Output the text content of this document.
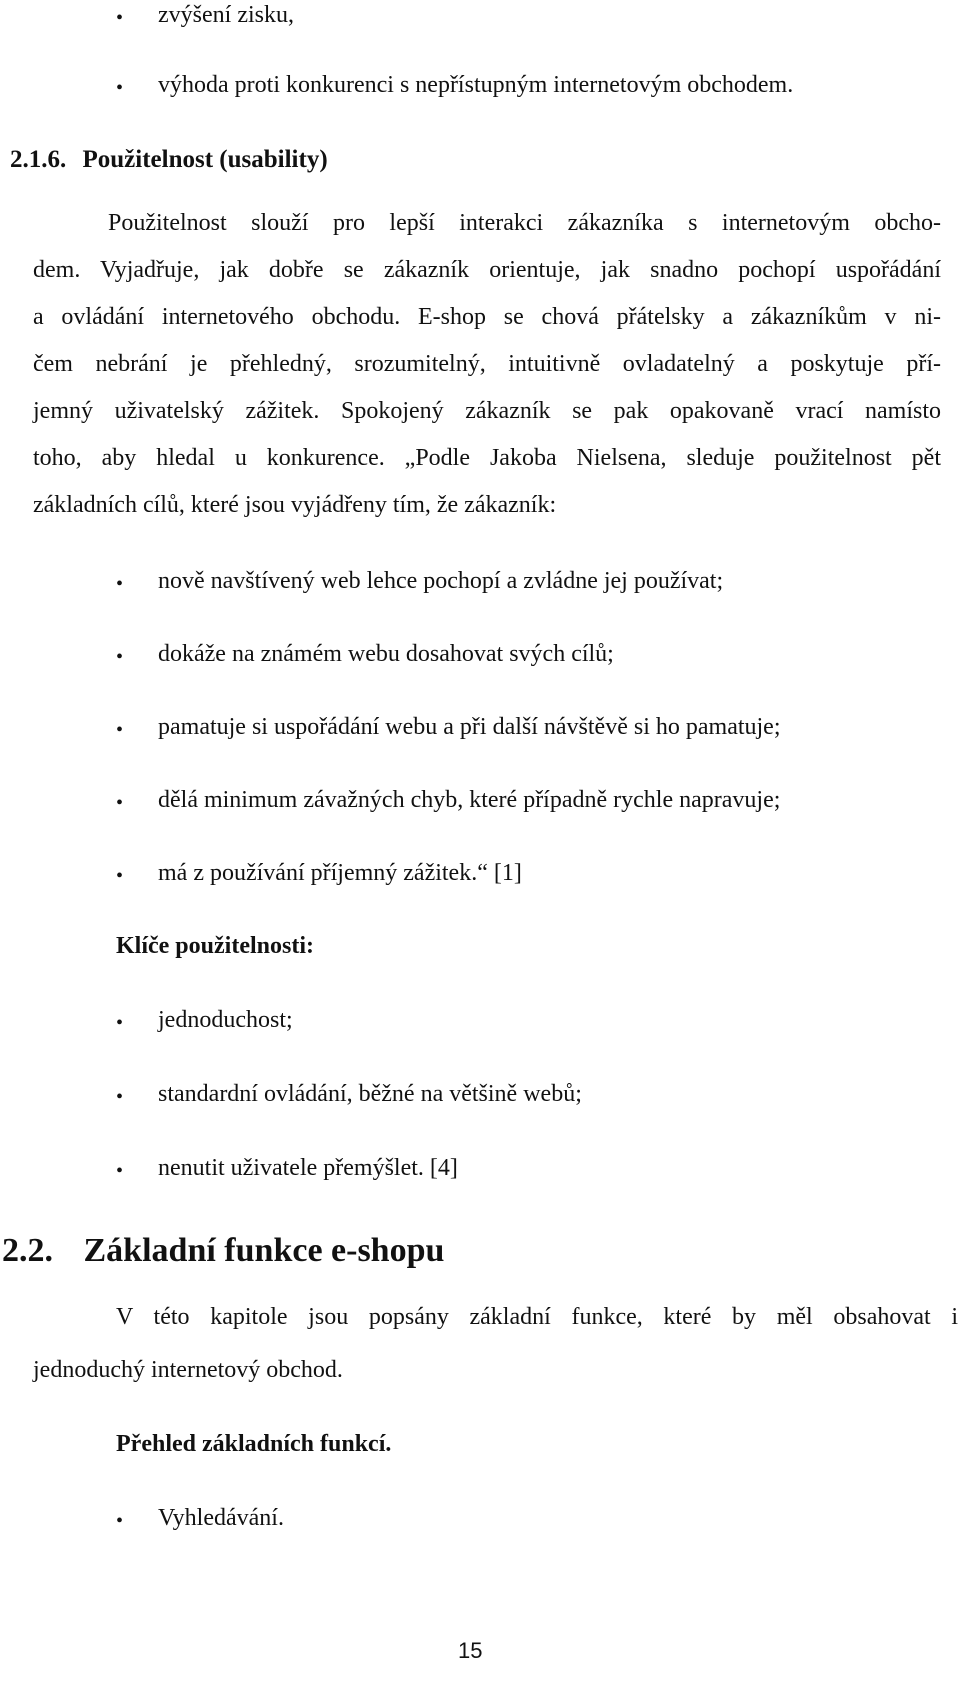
• zvýšení zisku,
• výhoda proti konkurenci s nepřístupným internetovým obchodem.
2.1.6. Použitelnost (usability)
Použitelnost slouží pro lepší interakci zákazníka s internetovým obcho-
dem. Vyjadřuje, jak dobře se zákazník orientuje, jak snadno pochopí uspořádání
a ovládání internetového obchodu. E-shop se chová přátelsky a zákazníkům v ni-
čem nebrání je přehledný, srozumitelný, intuitivně ovladatelný a poskytuje pří-
jemný uživatelský zážitek. Spokojený zákazník se pak opakovaně vrací namísto
toho, aby hledal u konkurence. „Podle Jakoba Nielsena, sleduje použitelnost pět
základních cílů, které jsou vyjádřeny tím, že zákazník:
• nově navštívený web lehce pochopí a zvládne jej používat;
• dokáže na známém webu dosahovat svých cílů;
• pamatuje si uspořádání webu a při další návštěvě si ho pamatuje;
• dělá minimum závažných chyb, které případně rychle napravuje;
• má z používání příjemný zážitek.“ [1]
Klíče použitelnosti:
• jednoduchost;
• standardní ovládání, běžné na většině webů;
• nenutit uživatele přemýšlet. [4]
2.2. Základní funkce e-shopu
V této kapitole jsou popsány základní funkce, které by měl obsahovat i
jednoduchý internetový obchod.
Přehled základních funkcí.
• Vyhledávání.
15
